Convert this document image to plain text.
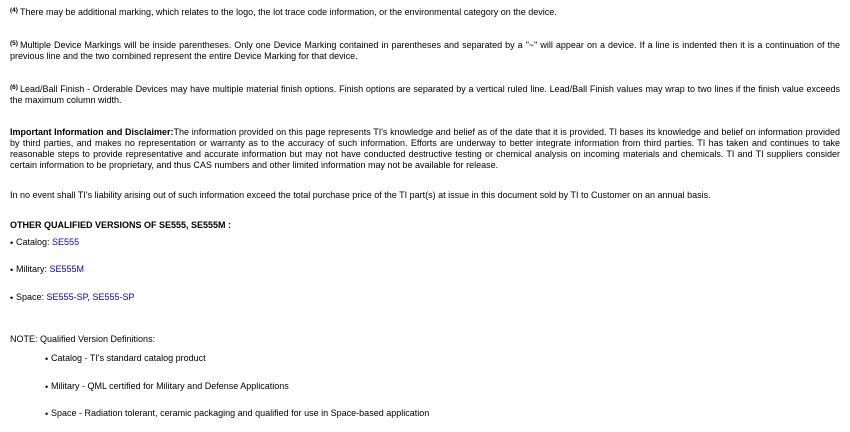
$^{(4)}$ There may be additional marking, which relates to the logo, the lot trace code information, or the environmental category on the device.
$^{(5)}$ Multiple Device Markings will be inside parentheses. Only one Device Marking contained in parentheses and separated by a "~" will appear on a device. If a line is indented then it is a continuation of the previous line and the two combined represent the entire Device Marking for that device.
$^{(6)}$ Lead/Ball Finish - Orderable Devices may have multiple material finish options. Finish options are separated by a vertical ruled line. Lead/Ball Finish values may wrap to two lines if the finish value exceeds the maximum column width.
Important Information and Disclaimer:The information provided on this page represents TI's knowledge and belief as of the date that it is provided. TI bases its knowledge and belief on information provided by third parties, and makes no representation or warranty as to the accuracy of such information. Efforts are underway to better integrate information from third parties. TI has taken and continues to take reasonable steps to provide representative and accurate information but may not have conducted destructive testing or chemical analysis on incoming materials and chemicals. TI and TI suppliers consider certain information to be proprietary, and thus CAS numbers and other limited information may not be available for release.
In no event shall TI's liability arising out of such information exceed the total purchase price of the TI part(s) at issue in this document sold by TI to Customer on an annual basis.
OTHER QUALIFIED VERSIONS OF SE555, SE555M :
• Catalog: SE555
• Military: SE555M
• Space: SE555-SP, SE555-SP
NOTE: Qualified Version Definitions:
• Catalog - TI's standard catalog product
• Military - QML certified for Military and Defense Applications
• Space - Radiation tolerant, ceramic packaging and qualified for use in Space-based application
